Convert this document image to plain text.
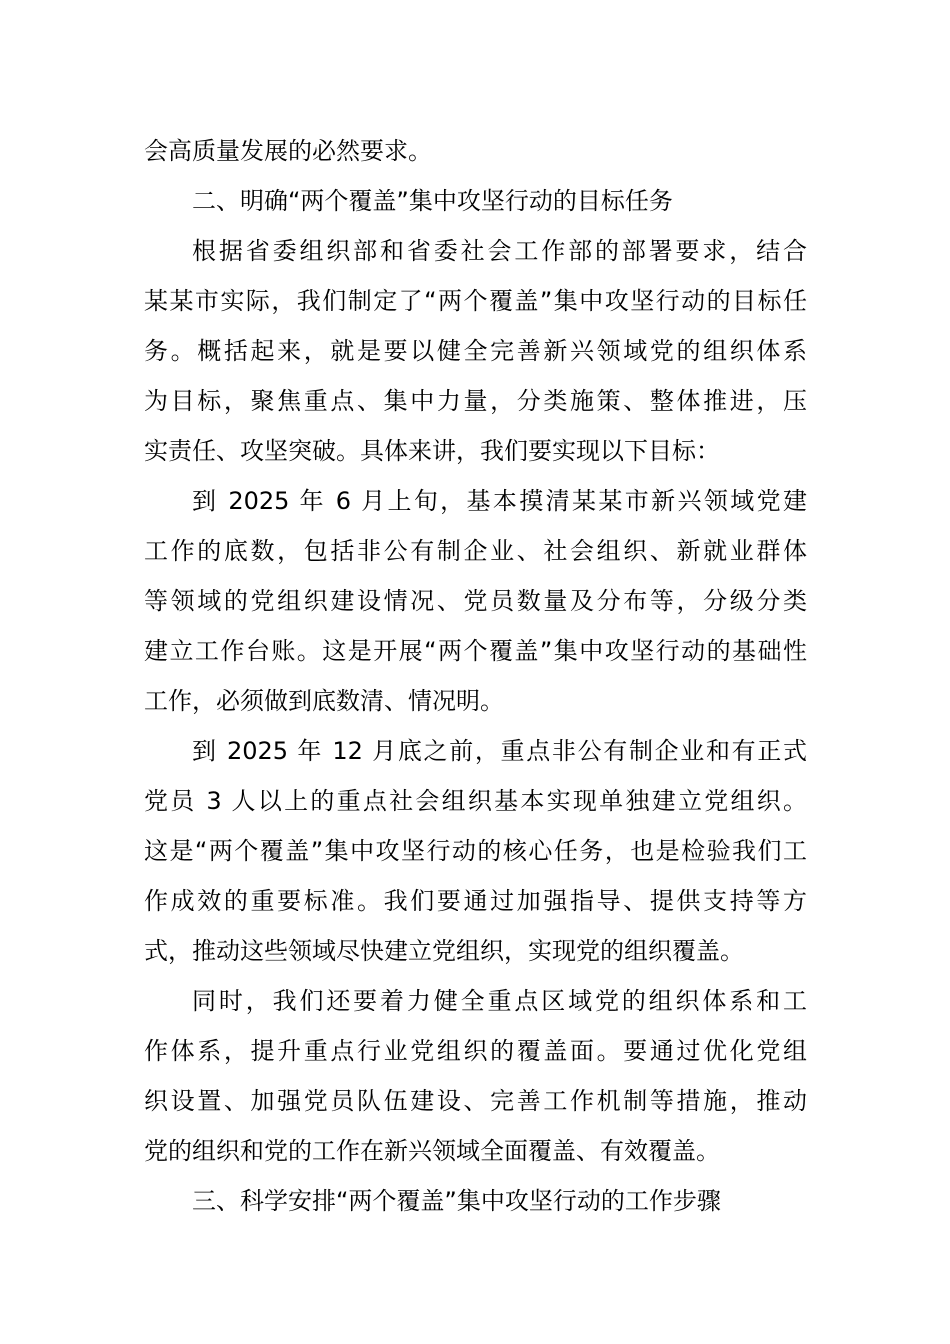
会高质量发展的必然要求。
二、明确“两个覆盖”集中攻坚行动的目标任务
根据省委组织部和省委社会工作部的部署要求，结合
某某市实际，我们制定了“两个覆盖”集中攻坚行动的目标任
务。概括起来，就是要以健全完善新兴领域党的组织体系
为目标，聚焦重点、集中力量，分类施策、整体推进，压
实责任、攻坚突破。具体来讲，我们要实现以下目标：
到 2025 年 6 月上旬，基本摸清某某市新兴领域党建
工作的底数，包括非公有制企业、社会组织、新就业群体
等领域的党组织建设情况、党员数量及分布等，分级分类
建立工作台账。这是开展“两个覆盖”集中攻坚行动的基础性
工作，必须做到底数清、情况明。
到 2025 年 12 月底之前，重点非公有制企业和有正式
党员 3 人以上的重点社会组织基本实现单独建立党组织。
这是“两个覆盖”集中攻坚行动的核心任务，也是检验我们工
作成效的重要标准。我们要通过加强指导、提供支持等方
式，推动这些领域尽快建立党组织，实现党的组织覆盖。
同时，我们还要着力健全重点区域党的组织体系和工
作体系，提升重点行业党组织的覆盖面。要通过优化党组
织设置、加强党员队伍建设、完善工作机制等措施，推动
党的组织和党的工作在新兴领域全面覆盖、有效覆盖。
三、科学安排“两个覆盖”集中攻坚行动的工作步骤
